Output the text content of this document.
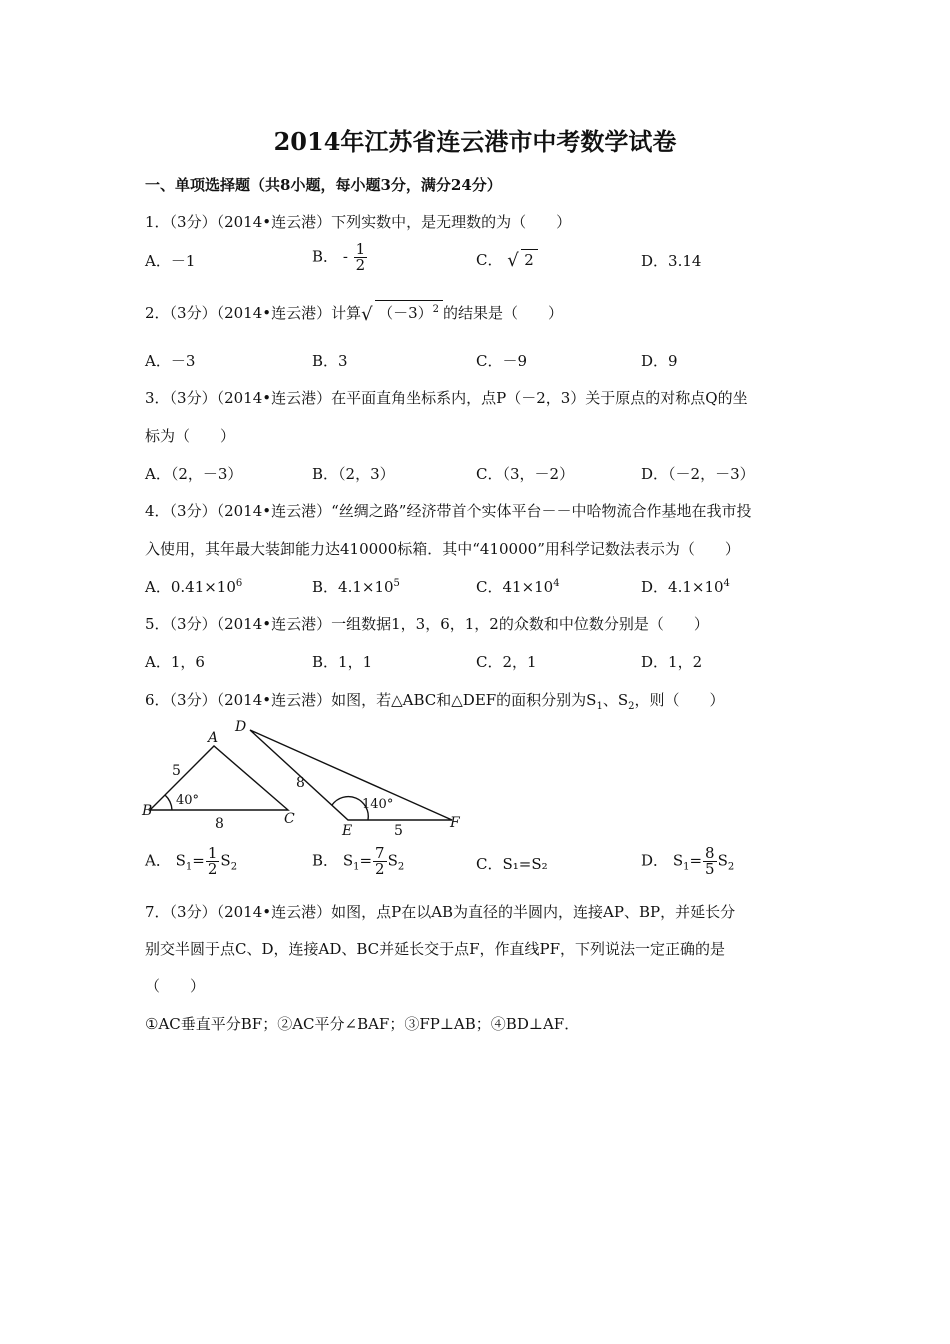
2014年江苏省连云港市中考数学试卷
一、单项选择题（共8小题，每小题3分，满分24分）
1．（3分）（2014•连云港）下列实数中，是无理数的为（　　）
A．－1	B． - $\frac{1}{2}$	C． √ 2	D．3.14
2．（3分）（2014•连云港）计算 √ $(-3)^2$ 的结果是（　　）
A．－3	B．3	C．－9	D．9
3．（3分）（2014•连云港）在平面直角坐标系内，点P（－2，3）关于原点的对称点Q的坐
标为（　　）
A．（2，－3）	B．（2，3）	C．（3，－2）	D．（－2，－3）
4．（3分）（2014•连云港）“丝绸之路”经济带首个实体平台－－中哈物流合作基地在我市投
入使用，其年最大装卸能力达410000标箱．其中“410000”用科学记数法表示为（　　）
A．$0.41\times 10^6$	B．$4.1\times 10^5$	C．$41\times 10^4$	D．$4.1\times 10^4$
5．（3分）（2014•连云港）一组数据1，3，6，1，2的众数和中位数分别是（　　）
A．1，6	B．1，1	C．2，1	D．1，2
6．（3分）（2014•连云港）如图，若△ABC和△DEF的面积分别为$S_1$、$S_2$，则（　　）
A
B	C
D
E	F
5
8
40°
8
5
140°
A． $S_1= \frac{1}{2} S_2$	B． $S_1= \frac{7}{2} S_2$	C．S₁=S₂	D． $S_1= \frac{8}{5} S_2$
7．（3分）（2014•连云港）如图，点P在以AB为直径的半圆内，连接AP、BP，并延长分
别交半圆于点C、D，连接AD、BC并延长交于点F，作直线PF，下列说法一定正确的是
（　　）
①AC垂直平分BF；②AC平分∠BAF；③FP⊥AB；④BD⊥AF．
